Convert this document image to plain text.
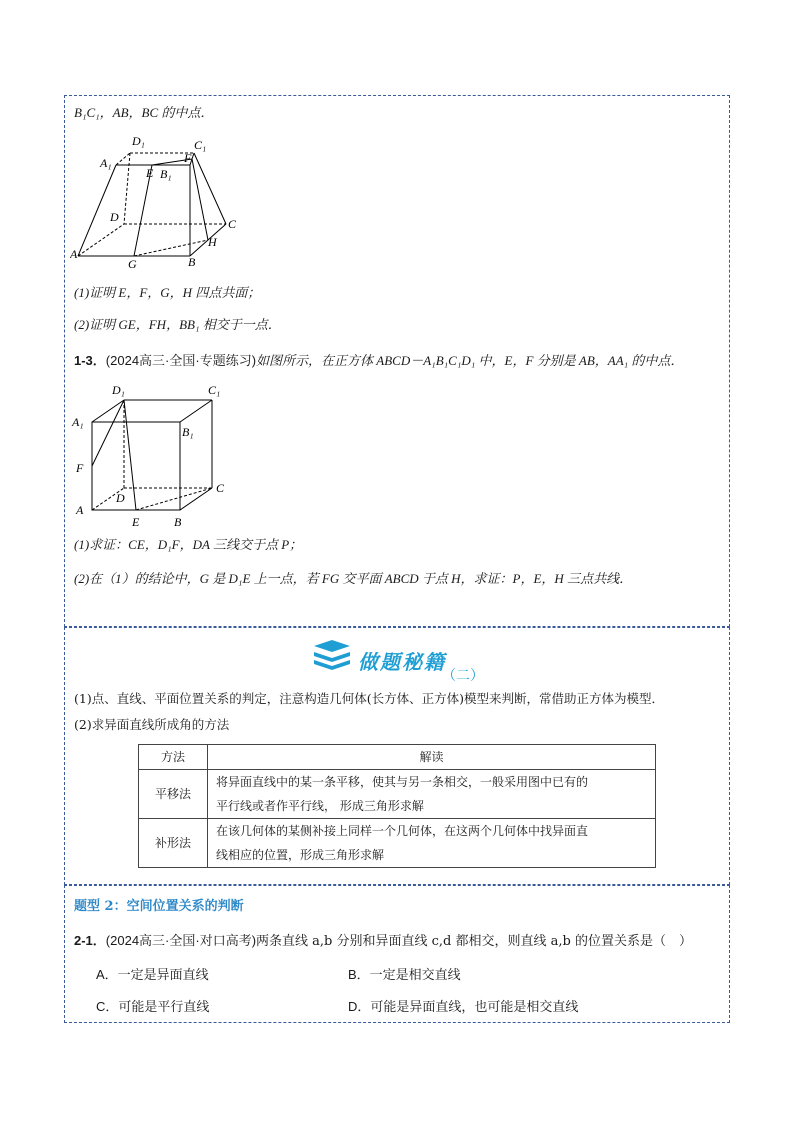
B₁C₁，AB，BC 的中点．
D₁	C₁
A₁	F
E B₁
D	C
H
A
G	B
(1)证明 E，F，G，H 四点共面；
(2)证明 GE，FH，BB₁ 相交于一点．
1-3．(2024高三·全国·专题练习)如图所示，在正方体 ABCD－A₁B₁C₁D₁ 中，E，F 分别是 AB，AA₁ 的中点．
D₁	C₁
A₁
B₁
F
D
C
A
E	B
(1)求证：CE，D₁F，DA 三线交于点 P；
(2)在（1）的结论中，G 是 D₁E 上一点，若 FG 交平面 ABCD 于点 H，求证：P，E，H 三点共线．
做题秘籍
（二）
(1)点、直线、平面位置关系的判定，注意构造几何体(长方体、正方体)模型来判断，常借助正方体为模型．
(2)求异面直线所成角的方法
方法	解读
平移法	将异面直线中的某一条平移，使其与另一条相交，一般采用图中已有的
平行线或者作平行线， 形成三角形求解

补形法	在该几何体的某侧补接上同样一个几何体，在这两个几何体中找异面直
线相应的位置，形成三角形求解
题型 2：空间位置关系的判断
2-1．(2024高三·全国·对口高考)两条直线 a,b 分别和异面直线 c,d 都相交，则直线 a,b 的位置关系是（　）
A．一定是异面直线	B．一定是相交直线
C．可能是平行直线	D．可能是异面直线，也可能是相交直线
